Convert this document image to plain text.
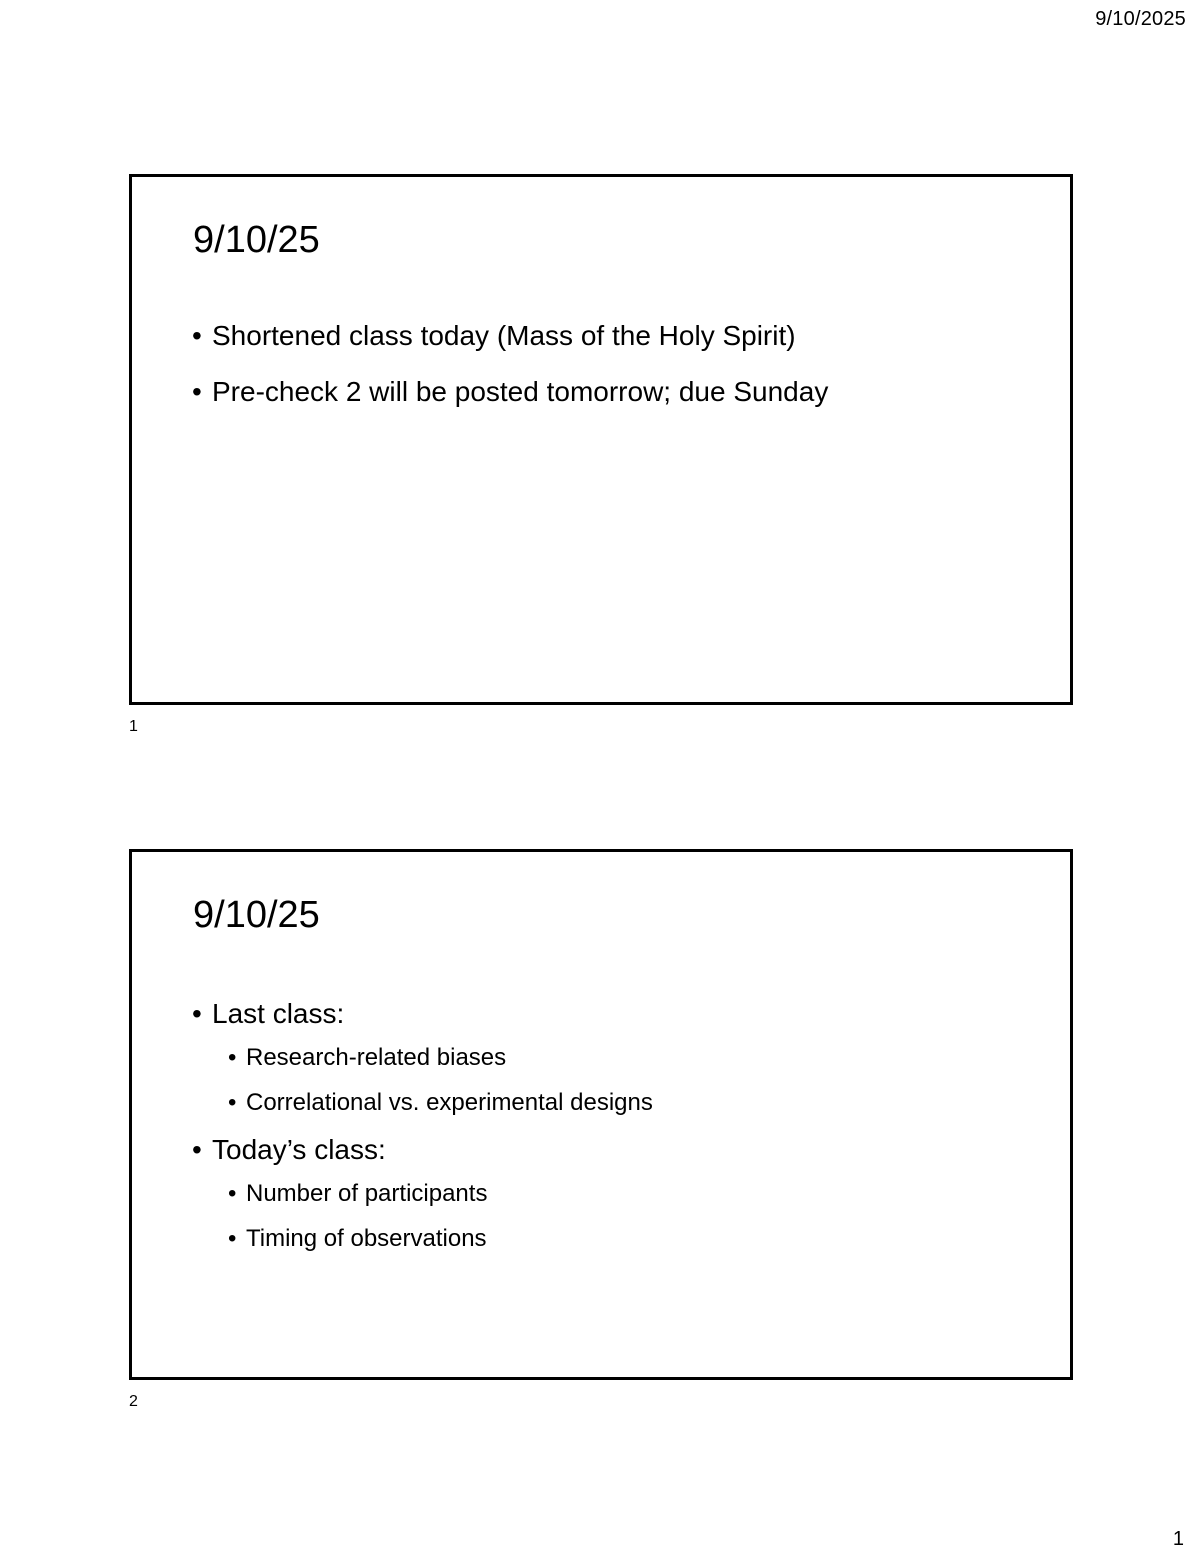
9/10/2025
9/10/25
• Shortened class today (Mass of the Holy Spirit)
• Pre-check 2 will be posted tomorrow; due Sunday
1
9/10/25
• Last class:
• Research-related biases
• Correlational vs. experimental designs
• Today’s class:
• Number of participants
• Timing of observations
2
1
